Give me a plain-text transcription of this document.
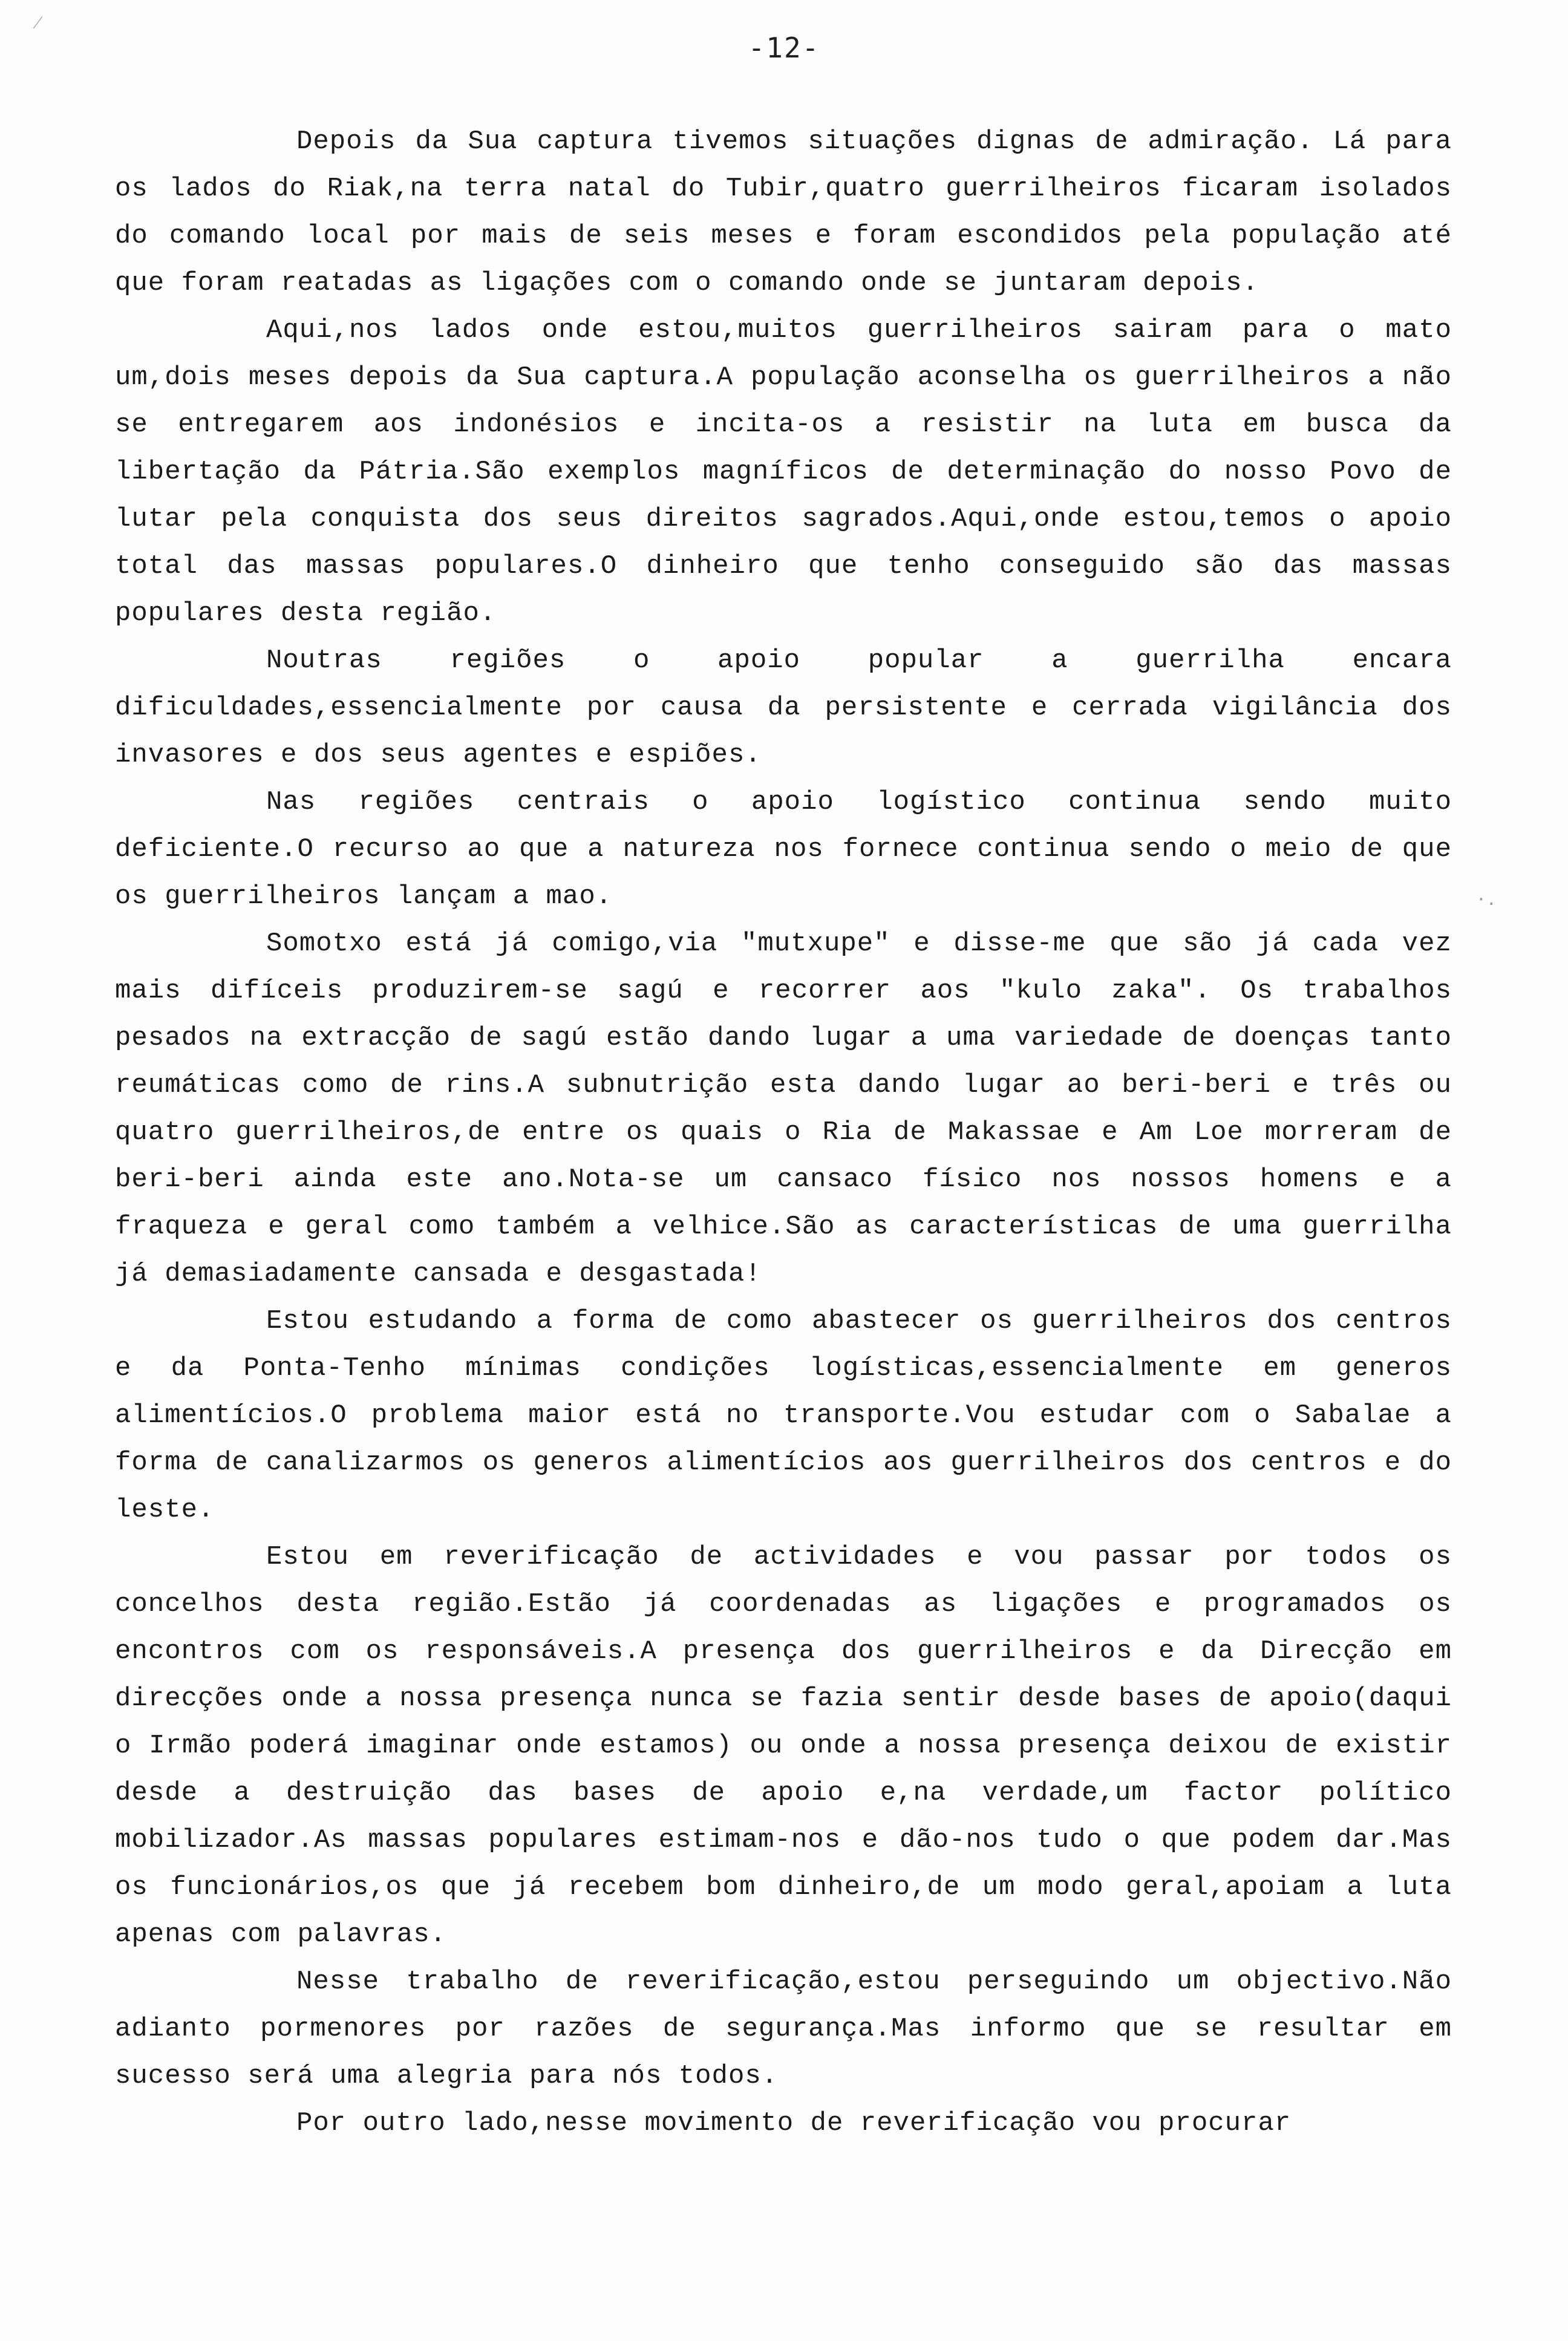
-12-

Depois da Sua captura tivemos situações dignas de admiração. Lá para os lados do Riak,na terra natal do Tubir,quatro guerrilheiros ficaram isolados do comando local por mais de seis meses e foram escondidos pela população até que foram reatadas as ligações com o comando onde se juntaram depois.

Aqui,nos lados onde estou,muitos guerrilheiros sairam para o mato um,dois meses depois da Sua captura.A população aconselha os guerrilheiros a não se entregarem aos indonésios e incita-os a resistir na luta em busca da libertação da Pátria.São exemplos magníficos de determinação do nosso Povo de lutar pela conquista dos seus direitos sagrados.Aqui,onde estou,temos o apoio total das massas populares.O dinheiro que tenho conseguido são das massas populares desta região.

Noutras regiões o apoio popular a guerrilha encara dificuldades,essencialmente por causa da persistente e cerrada vigilância dos invasores e dos seus agentes e espiões.

Nas regiões centrais o apoio logístico continua sendo muito deficiente.O recurso ao que a natureza nos fornece continua sendo o meio de que os guerrilheiros lançam a mao.

Somotxo está já comigo,via "mutxupe" e disse-me que são já cada vez mais difíceis produzirem-se sagú e recorrer aos "kulo zaka". Os trabalhos pesados na extracção de sagú estão dando lugar a uma variedade de doenças tanto reumáticas como de rins.A subnutrição esta dando lugar ao beri-beri e três ou quatro guerrilheiros,de entre os quais o Ria de Makassae e Am Loe morreram de beri-beri ainda este ano.Nota-se um cansaco físico nos nossos homens e a fraqueza e geral como também a velhice.São as características de uma guerrilha já demasiadamente cansada e desgastada!

Estou estudando a forma de como abastecer os guerrilheiros dos centros e da Ponta-Tenho mínimas condições logísticas,essencialmente em generos alimentícios.O problema maior está no transporte.Vou estudar com o Sabalae a forma de canalizarmos os generos alimentícios aos guerrilheiros dos centros e do leste.

Estou em reverificação de actividades e vou passar por todos os concelhos desta região.Estão já coordenadas as ligações e programados os encontros com os responsáveis.A presença dos guerrilheiros e da Direcção em direcções onde a nossa presença nunca se fazia sentir desde bases de apoio(daqui o Irmão poderá imaginar onde estamos) ou onde a nossa presença deixou de existir desde a destruição das bases de apoio e,na verdade,um factor político mobilizador.As massas populares estimam-nos e dão-nos tudo o que podem dar.Mas os funcionários,os que já recebem bom dinheiro,de um modo geral,apoiam a luta apenas com palavras.

Nesse trabalho de reverificação,estou perseguindo um objectivo.Não adianto pormenores por razões de segurança.Mas informo que se resultar em sucesso será uma alegria para nós todos.

Por outro lado,nesse movimento de reverificação vou procurar

⁄
·.
